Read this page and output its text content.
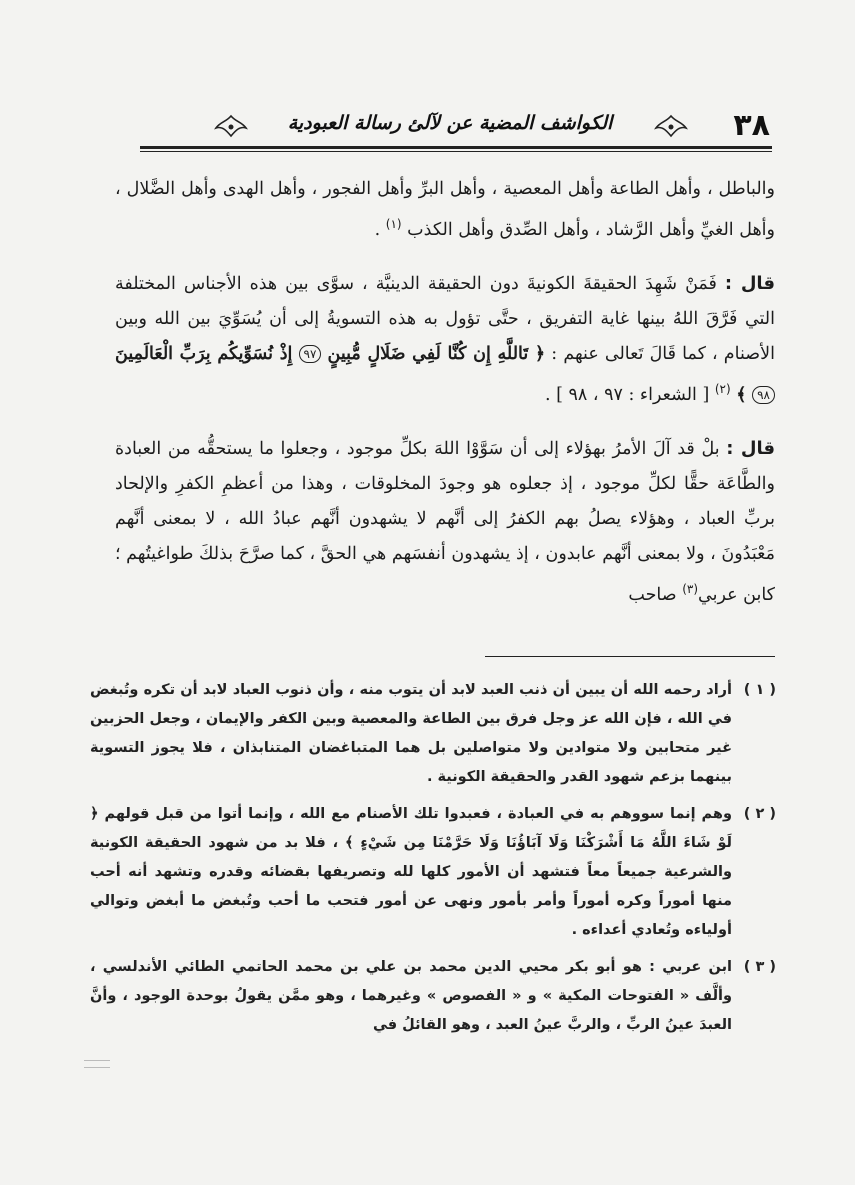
٣٨
الكواشف المضية عن لآلئ رسالة العبودية

والباطل ، وأهل الطاعة وأهل المعصية ، وأهل البرِّ وأهل الفجور ، وأهل الهدى وأهل الضَّلال ، وأهل الغيِّ وأهل الرَّشاد ، وأهل الصِّدق وأهل الكذب $^{(١)}$ .

قال : فَمَنْ شَهِدَ الحقيقةَ الكونيةَ دون الحقيقة الدينيَّة ، سوَّى بين هذه الأجناس المختلفة التي فَرَّقَ اللهُ بينها غاية التفريق ، حتَّى تؤول به هذه التسويةُ إلى أن يُسَوِّيَ بين الله وبين الأصنام ، كما قَالَ تَعالى عنهم : ﴿ تَاللَّهِ إِن كُنَّا لَفِي ضَلَالٍ مُّبِينٍ ٩٧ إِذْ نُسَوِّيكُم بِرَبِّ الْعَالَمِينَ ٩٨ ﴾ $^{(٢)}$ [ الشعراء : ٩٧ ، ٩٨ ] .

قال : بلْ قد آلَ الأمرُ بهؤلاء إلى أن سَوَّوْا اللهَ بكلِّ موجود ، وجعلوا ما يستحقُّه من العبادة والطَّاعَة حقًّا لكلِّ موجود ، إذ جعلوه هو وجودَ المخلوقات ، وهذا من أعظمِ الكفرِ والإلحاد بربِّ العباد ، وهؤلاء يصلُ بهم الكفرُ إلى أنَّهم لا يشهدون أنَّهم عبادُ الله ، لا بمعنى أنَّهم مَعْبَدُونَ ، ولا بمعنى أنَّهم عابدون ، إذ يشهدون أنفسَهم هي الحقَّ ، كما صرَّحَ بذلكَ طواغيتُهم ؛ كابن عربي$^{(٣)}$ صاحب

( ١ )
أراد رحمه الله أن يبين أن ذنب العبد لابد أن يتوب منه ، وأن ذنوب العباد لابد أن تكره وتُبغض في الله ، فإن الله عز وجل فرق بين الطاعة والمعصية وبين الكفر والإيمان ، وجعل الحزبين غير متحابين ولا متوادين ولا متواصلين بل هما المتباغضان المتنابذان ، فلا يجوز التسوية بينهما بزعم شهود القدر والحقيقة الكونية .
( ٢ )
وهم إنما سووهم به في العبادة ، فعبدوا تلك الأصنام مع الله ، وإنما أتوا من قبل قولهم ﴿ لَوْ شَاءَ اللَّهُ مَا أَشْرَكْنَا وَلَا آبَاؤُنَا وَلَا حَرَّمْنَا مِن شَيْءٍ ﴾ ، فلا بد من شهود الحقيقة الكونية والشرعية جميعاً معاً فتشهد أن الأمور كلها لله وتصريفها بقضائه وقدره وتشهد أنه أحب منها أموراً وكره أموراً وأمر بأمور ونهى عن أمور فتحب ما أحب وتُبغض ما أبغض وتوالي أولياءه وتُعادي أعداءه .
( ٣ )
ابن عربي : هو أبو بكر محيي الدين محمد بن علي بن محمد الحاتمي الطائي الأندلسي ، وألَّف « الفتوحات المكية » و « الفصوص » وغيرهما ، وهو ممَّن يقولُ بوحدة الوجود ، وأنَّ العبدَ عينُ الربِّ ، والربَّ عينُ العبد ، وهو القائلُ في
